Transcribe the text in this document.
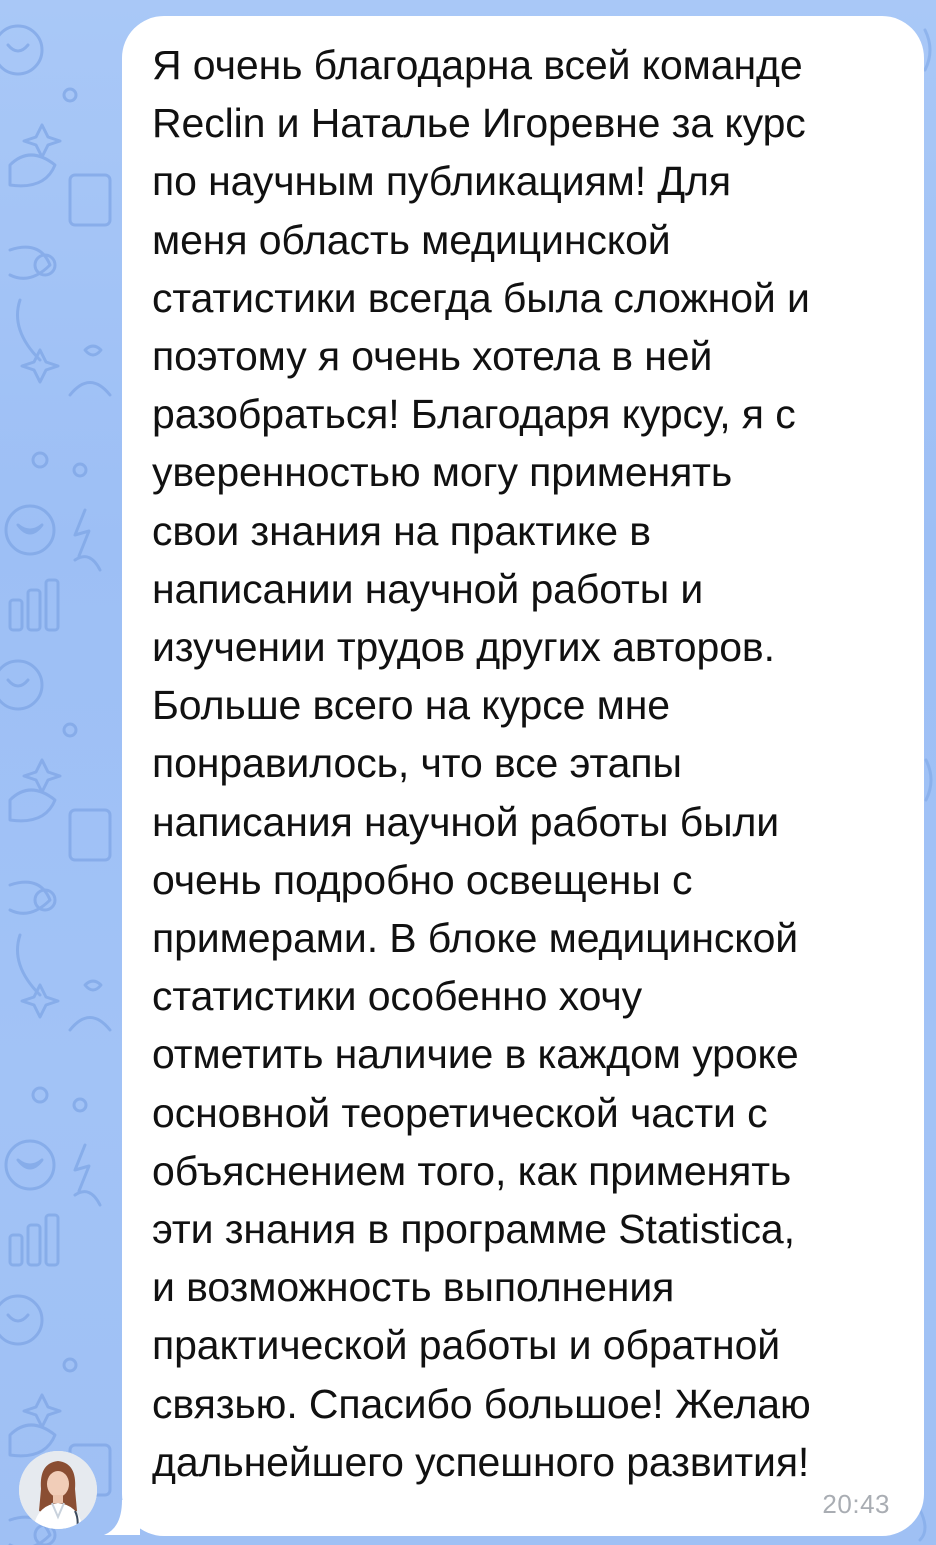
Я очень благодарна всей команде
Reclin и Наталье Игоревне за курс
по научным публикациям! Для
меня область медицинской
статистики всегда была сложной и
поэтому я очень хотела в ней
разобраться! Благодаря курсу, я с
уверенностью могу применять
свои знания на практике в
написании научной работы и
изучении трудов других авторов.
Больше всего на курсе мне
понравилось, что все этапы
написания научной работы были
очень подробно освещены с
примерами. В блоке медицинской
статистики особенно хочу
отметить наличие в каждом уроке
основной теоретической части с
объяснением того, как применять
эти знания в программе Statistica,
и возможность выполнения
практической работы и обратной
связью. Спасибо большое! Желаю
дальнейшего успешного развития!

20:43
